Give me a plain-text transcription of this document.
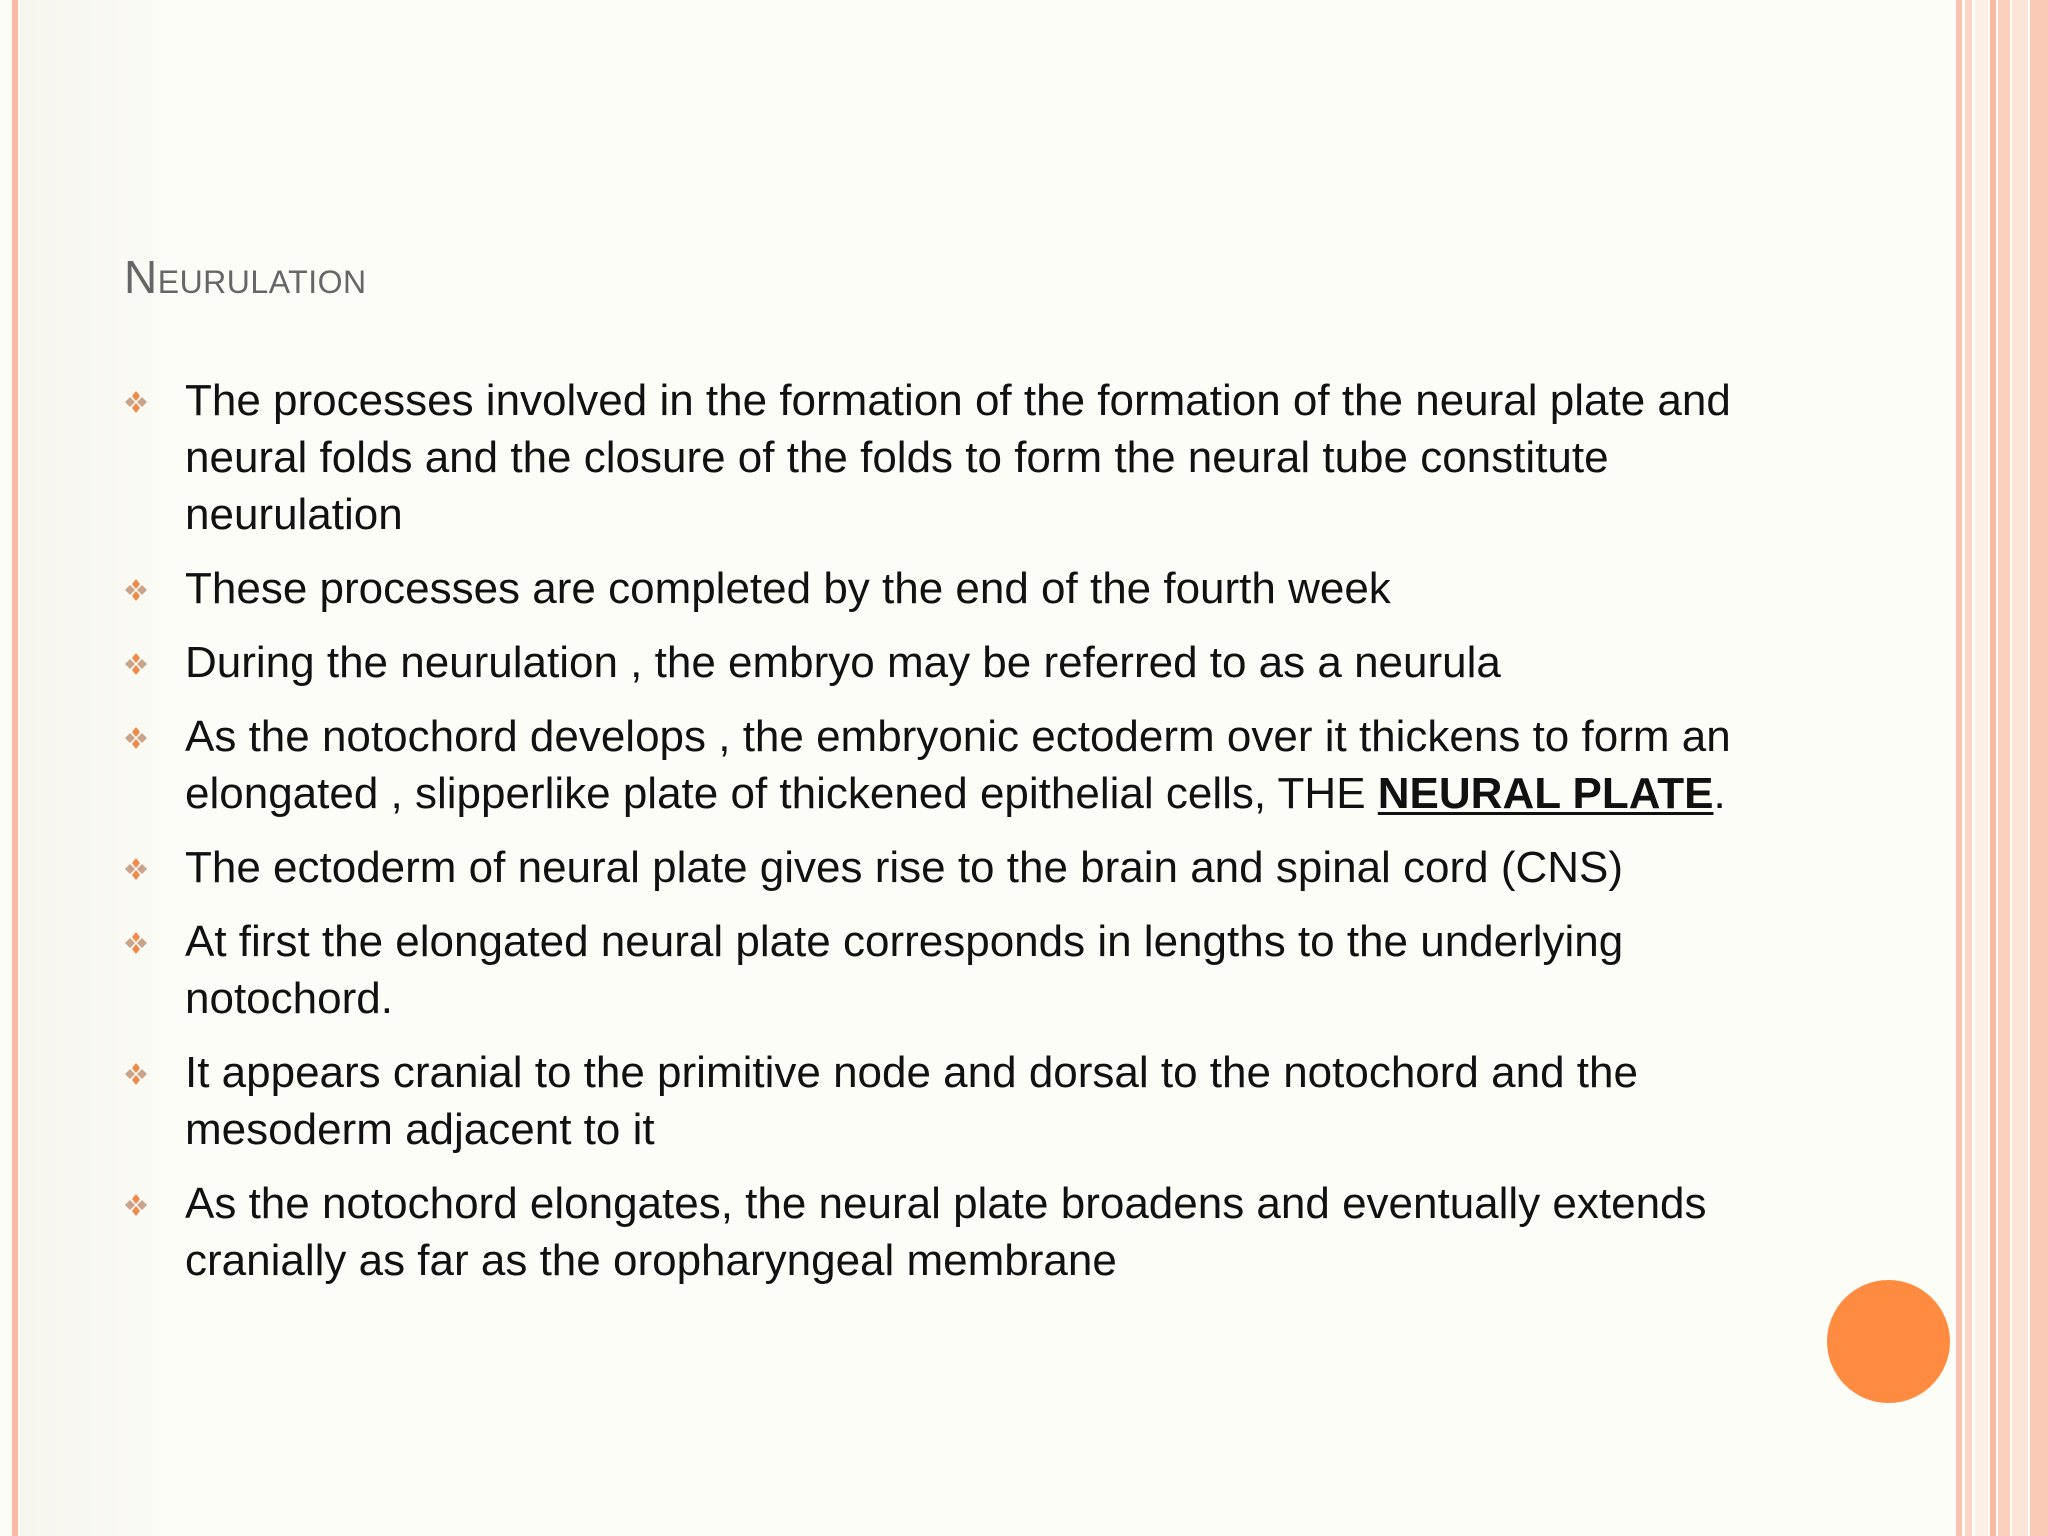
Neurulation
The processes involved in the formation of the formation of the neural plate and neural folds and the closure of the folds to form the neural tube constitute neurulation
These processes are completed by the end of the fourth week
During the neurulation , the embryo may be referred to as a neurula
As the notochord develops , the embryonic ectoderm over it thickens to form an elongated , slipperlike plate of thickened epithelial cells, THE NEURAL PLATE.
The ectoderm of neural plate gives rise to the brain and spinal cord (CNS)
At first the elongated neural plate corresponds in lengths to the underlying notochord.
It appears cranial to the primitive node and dorsal to the notochord and the mesoderm adjacent to it
As the notochord elongates, the neural plate broadens and eventually extends cranially as far as the oropharyngeal membrane
